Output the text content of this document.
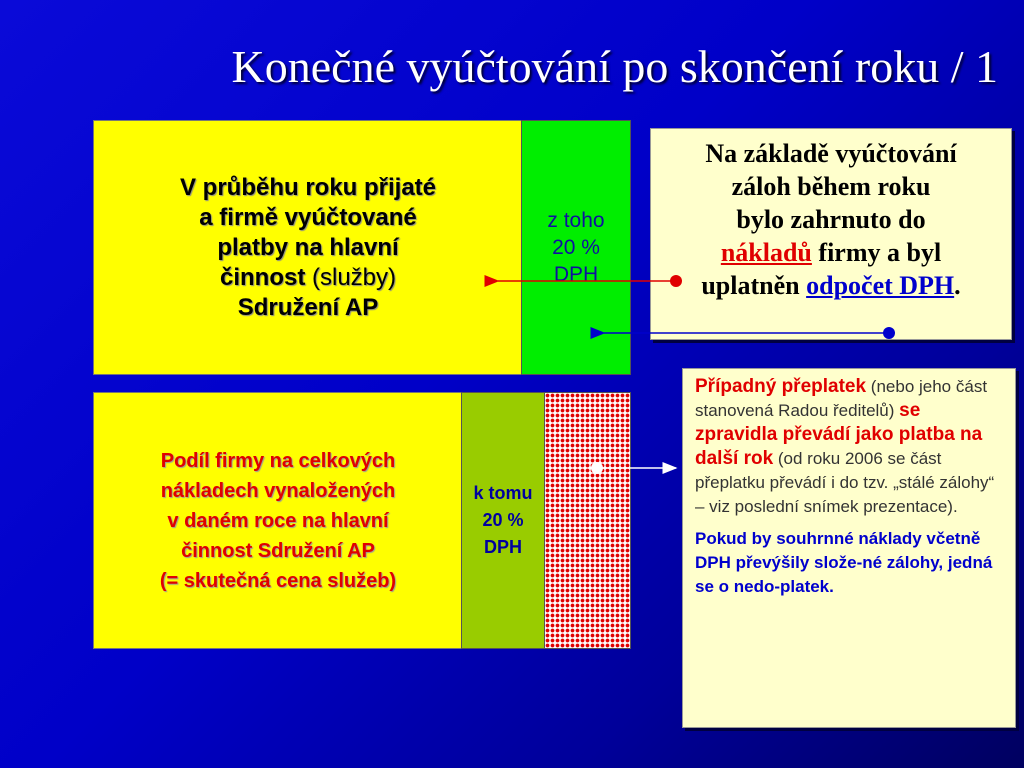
Konečné vyúčtování po skončení roku / 1
V průběhu roku přijaté
a firmě vyúčtované
platby na hlavní
činnost (služby)
Sdružení AP
z toho
20 %
DPH
Podíl firmy na celkových
nákladech vynaložených
v daném roce na hlavní
činnost Sdružení AP
(= skutečná cena služeb)
k tomu
20 %
DPH
Na základě vyúčtování
záloh během roku
bylo zahrnuto do
nákladů firmy a byl
uplatněn odpočet DPH.
Případný přeplatek (nebo jeho část stanovená Radou ředitelů) se zpravidla převádí jako platba na další rok (od roku 2006 se část přeplatku převádí i do tzv. „stálé zálohy“ – viz poslední snímek prezentace).
Pokud by souhrnné náklady včetně DPH převýšily slože-né zálohy, jedná se o nedo-platek.
